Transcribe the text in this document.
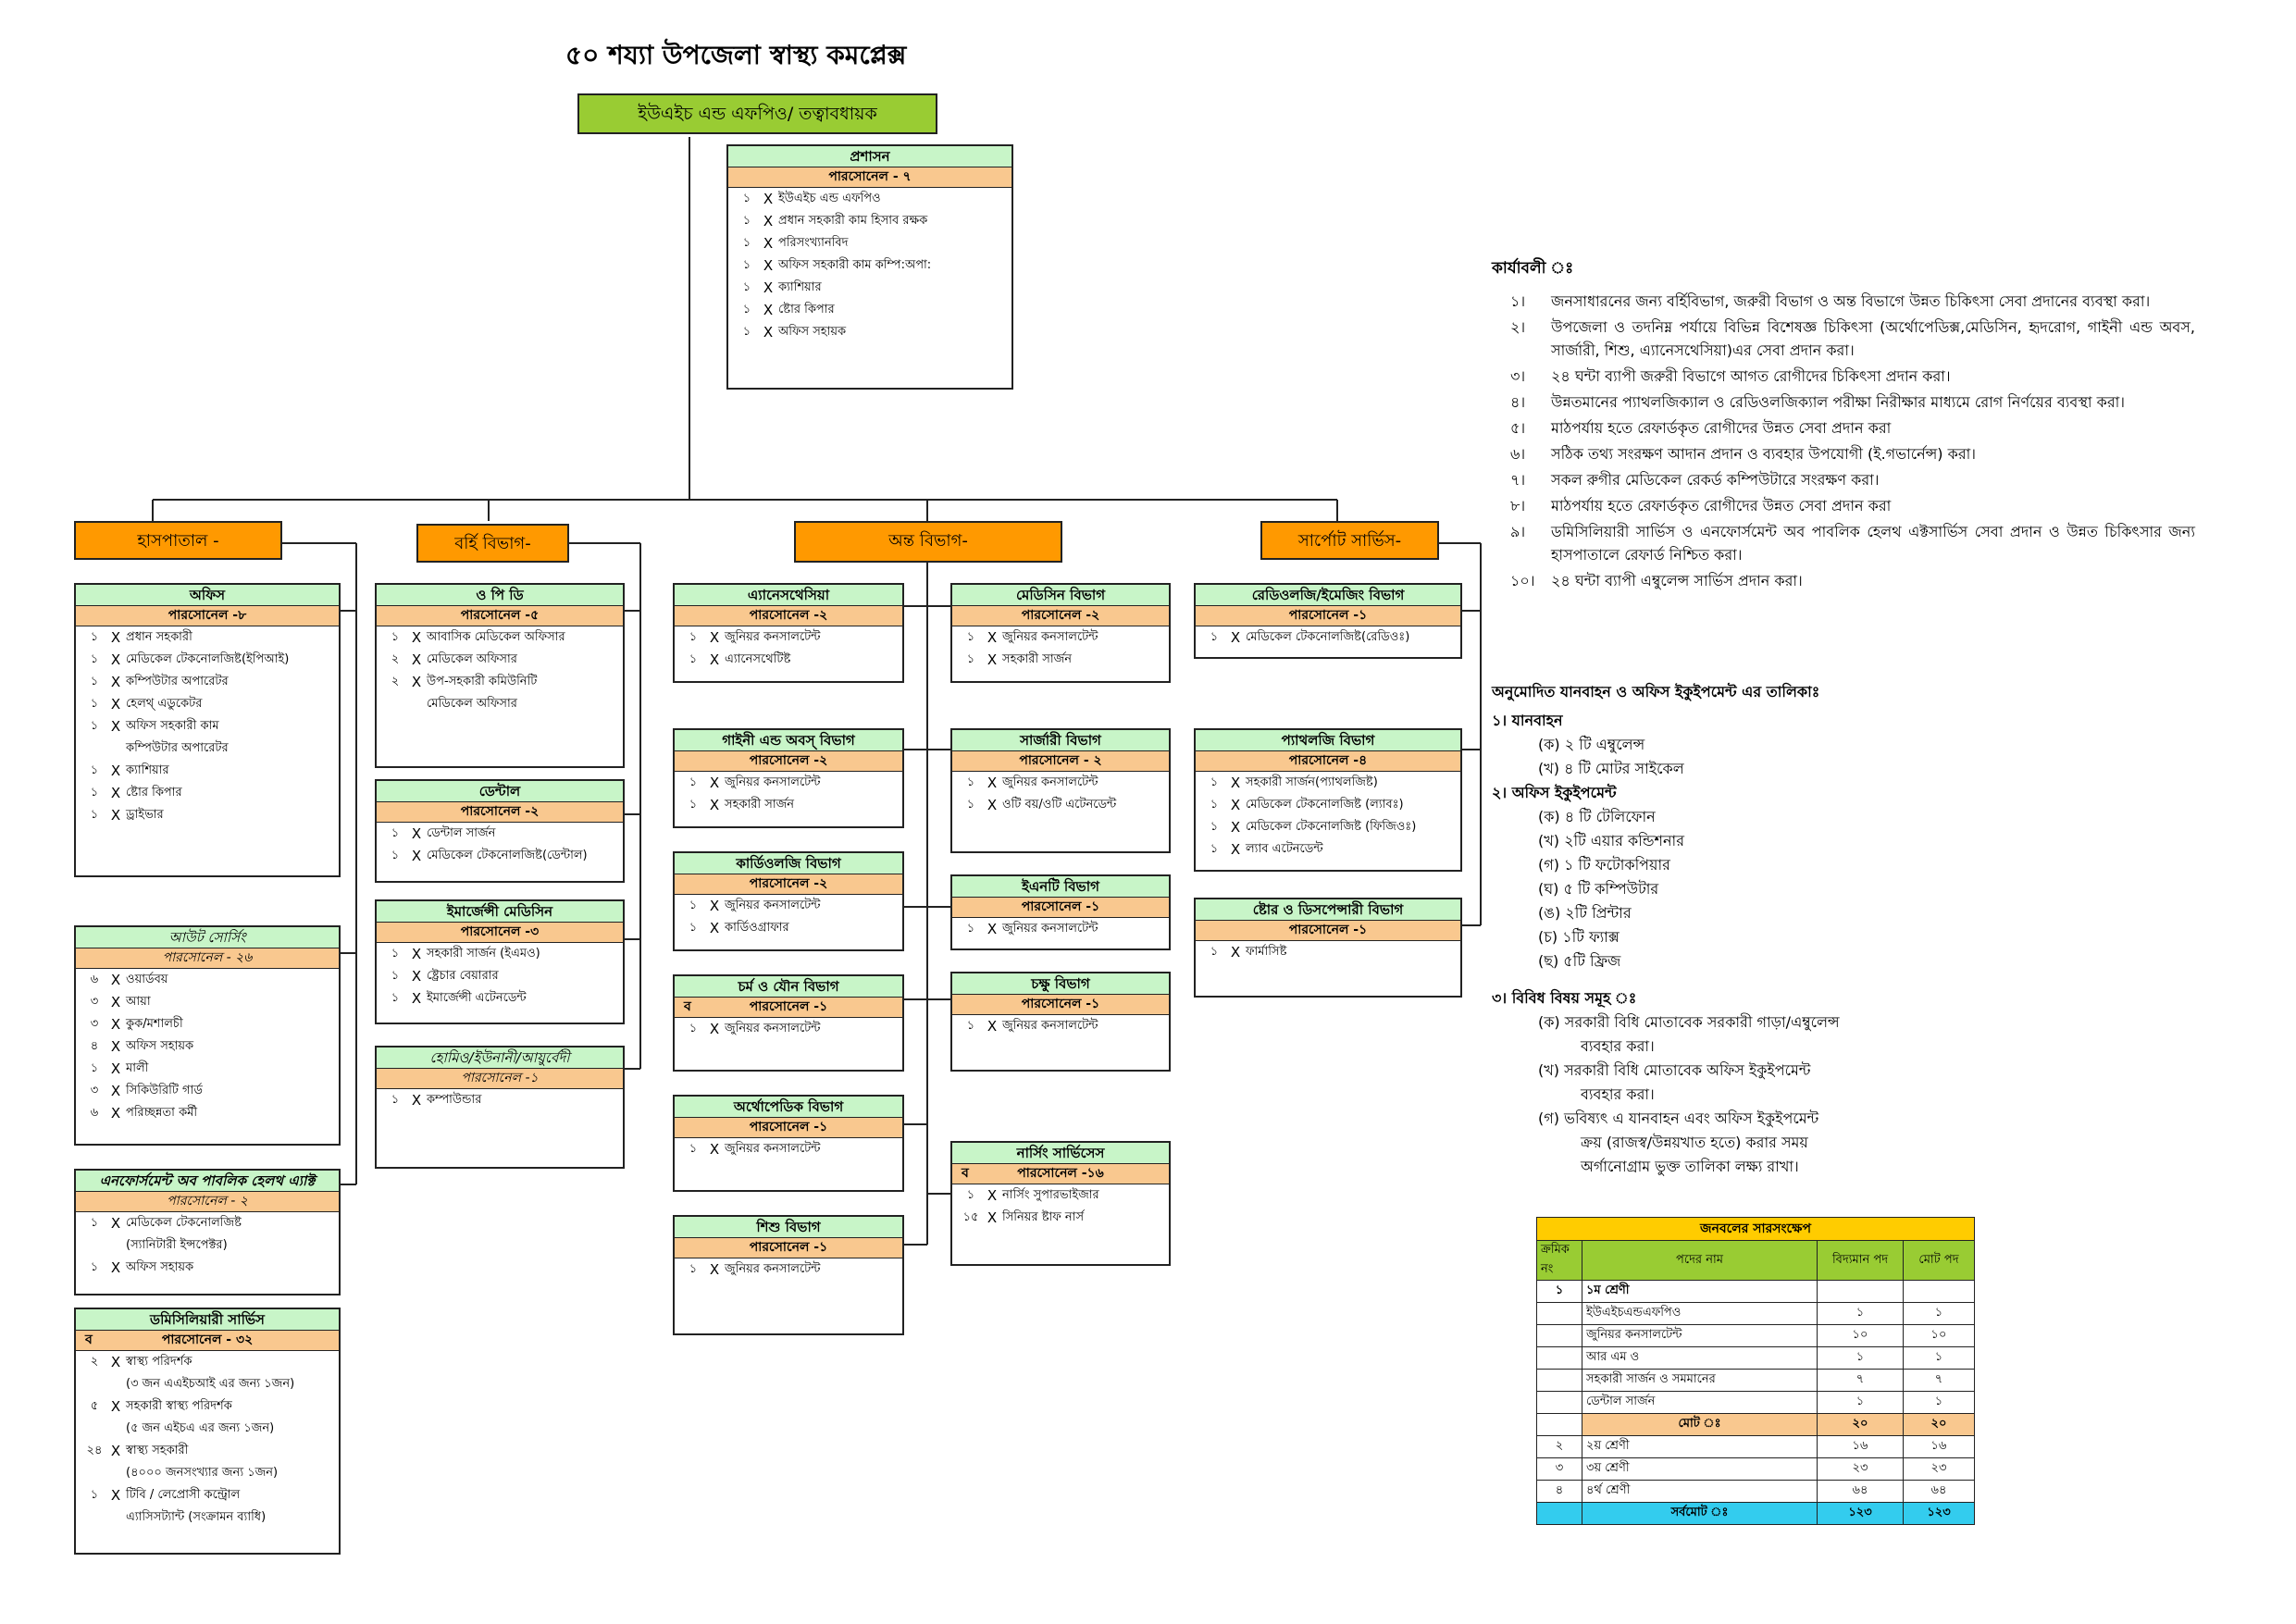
৫০ শয্যা উপজেলা স্বাস্থ্য কমপ্লেক্স
ইউএইচ এন্ড এফপিও/ তত্বাবধায়ক
প্রশাসন
পারসোনেল - ৭
১ X ইউএইচ এন্ড এফপিও
১ X প্রধান সহকারী কাম হিসাব রক্ষক
১ X পরিসংখ্যানবিদ
১ X অফিস সহকারী কাম কম্পি:অপা:
১ X ক্যাশিয়ার
১ X ষ্টোর কিপার
১ X অফিস সহায়ক
হাসপাতাল -	বর্হি বিভাগ-	অন্ত বিভাগ-	সার্পোট সার্ভিস-
অফিস
পারসোনেল -৮
১ X প্রধান সহকারী
১ X মেডিকেল টেকনোলজিষ্ট(ইপিআই)
১ X কম্পিউটার অপারেটর
১ X হেলথ্ এডুকেটর
১ X অফিস সহকারী কাম
কম্পিউটার অপারেটর
১ X ক্যাশিয়ার
১ X ষ্টোর কিপার
১ X ড্রাইভার
আউট সোর্সিং
পারসোনেল - ২৬
৬ X ওয়ার্ডবয়
৩ X আয়া
৩ X কুক/মশালচী
৪ X অফিস সহায়ক
১ X মালী
৩ X সিকিউরিটি গার্ড
৬ X পরিচ্ছন্নতা কর্মী
এনফোর্সমেন্ট অব পাবলিক হেলথ এ্যাক্ট
পারসোনেল - ২
১ X মেডিকেল টেকনোলজিষ্ট
(স্যানিটারী ইন্সপেক্টর)
১ X অফিস সহায়ক
ডমিসিলিয়ারী সার্ভিস
ব	পারসোনেল - ৩২
২ X স্বাস্থ্য পরিদর্শক
(৩ জন এএইচআই এর জন্য ১জন)
৫ X সহকারী স্বাস্থ্য পরিদর্শক
(৫ জন এইচএ এর জন্য ১জন)
২৪ X স্বাস্থ্য সহকারী
(৪০০০ জনসংখ্যার জন্য ১জন)
১ X টিবি / লেপ্রোসী কন্ট্রোল
এ্যাসিসট্যান্ট (সংক্রামন ব্যাধি)
ও পি ডি
পারসোনেল -৫
১ X আবাসিক মেডিকেল অফিসার
২ X মেডিকেল অফিসার
২ X উপ-সহকারী কমিউনিটি
মেডিকেল অফিসার
ডেন্টাল
পারসোনেল -২
১ X ডেন্টাল সার্জন
১ X মেডিকেল টেকনোলজিষ্ট(ডেন্টাল)
ইমার্জেন্সী মেডিসিন
পারসোনেল -৩
১ X সহকারী সার্জন (ইএমও)
১ X ষ্ট্রেচার বেয়ারার
১ X ইমার্জেন্সী এটেনডেন্ট
হোমিও/ইউনানী/আয়ুর্বেদী
পারসোনেল -১
১ X কম্পাউন্ডার
এ্যানেসথেসিয়া
পারসোনেল -২
১ X জুনিয়র কনসালটেন্ট
১ X এ্যানেসথেটিষ্ট
গাইনী এন্ড অবস্ বিভাগ
পারসোনেল -২
১ X জুনিয়র কনসালটেন্ট
১ X সহকারী সার্জন
কার্ডিওলজি বিভাগ
পারসোনেল -২
১ X জুনিয়র কনসালটেন্ট
১ X কার্ডিওগ্রাফার
চর্ম ও যৌন বিভাগ
ব	পারসোনেল -১
১ X জুনিয়র কনসালটেন্ট
অর্থোপেডিক বিভাগ
পারসোনেল -১
১ X জুনিয়র কনসালটেন্ট
শিশু বিভাগ
পারসোনেল -১
১ X জুনিয়র কনসালটেন্ট
মেডিসিন বিভাগ
পারসোনেল -২
১ X জুনিয়র কনসালটেন্ট
১ X সহকারী সার্জন
সার্জারী বিভাগ
পারসোনেল - ২
১ X জুনিয়র কনসালটেন্ট
১ X ওটি বয়/ওটি এটেনডেন্ট
ইএনটি বিভাগ
পারসোনেল -১
১ X জুনিয়র কনসালটেন্ট
চক্ষু বিভাগ
পারসোনেল -১
১ X জুনিয়র কনসালটেন্ট
নার্সিং সার্ভিসেস
ব	পারসোনেল -১৬
১ X নার্সিং সুপারভাইজার
১৫ X সিনিয়র ষ্টাফ নার্স
রেডিওলজি/ইমেজিং বিভাগ
পারসোনেল -১
১ X মেডিকেল টেকনোলজিষ্ট(রেডিওঃ)
প্যাথলজি বিভাগ
পারসোনেল -৪
১ X সহকারী সার্জন(প্যাথলজিষ্ট)
১ X মেডিকেল টেকনোলজিষ্ট (ল্যাবঃ)
১ X মেডিকেল টেকনোলজিষ্ট (ফিজিওঃ)
১ X ল্যাব এটেনডেন্ট
ষ্টোর ও ডিসপেন্সারী বিভাগ
পারসোনেল -১
১ X ফার্মাসিষ্ট
কার্যাবলী ঃ
১।	জনসাধারনের জন্য বর্হিবিভাগ, জরুরী বিভাগ ও অন্ত বিভাগে উন্নত চিকিৎসা সেবা প্রদানের ব্যবস্থা করা।
২।	উপজেলা ও তদনিম্ন পর্যায়ে বিভিন্ন বিশেষজ্ঞ চিকিৎসা (অর্থোপেডিক্স,মেডিসিন, হৃদরোগ, গাইনী এন্ড অবস, সার্জারী, শিশু, এ্যানেসথেসিয়া)এর সেবা প্রদান করা।
৩।	২৪ ঘন্টা ব্যাপী জরুরী বিভাগে আগত রোগীদের চিকিৎসা প্রদান করা।
৪।	উন্নতমানের প্যাথলজিক্যাল ও রেডিওলজিক্যাল পরীক্ষা নিরীক্ষার মাধ্যমে রোগ নির্ণয়ের ব্যবস্থা করা।
৫।	মাঠপর্যায় হতে রেফার্ডকৃত রোগীদের উন্নত সেবা প্রদান করা
৬।	সঠিক তথ্য সংরক্ষণ আদান প্রদান ও ব্যবহার উপযোগী (ই.গভার্নেন্স) করা।
৭।	সকল রুগীর মেডিকেল রেকর্ড কম্পিউটারে সংরক্ষণ করা।
৮।	মাঠপর্যায় হতে রেফার্ডকৃত রোগীদের উন্নত সেবা প্রদান করা
৯।	ডমিসিলিয়ারী সার্ভিস ও এনফোর্সমেন্ট অব পাবলিক হেলথ এক্টসার্ভিস সেবা প্রদান ও উন্নত চিকিৎসার জন্য হাসপাতালে রেফার্ড নিশ্চিত করা।
১০।	২৪ ঘন্টা ব্যাপী এম্বুলেন্স সার্ভিস প্রদান করা।
অনুমোদিত যানবাহন ও অফিস ইকুইপমেন্ট এর তালিকাঃ
১। যানবাহন
(ক) ২ টি এম্বুলেন্স
(খ) ৪ টি মোটর সাইকেল
২। অফিস ইকুইপমেন্ট
(ক) ৪ টি টেলিফোন
(খ) ২টি এয়ার কন্ডিশনার
(গ) ১ টি ফটোকপিয়ার
(ঘ) ৫ টি কম্পিউটার
(ঙ) ২টি প্রিন্টার
(চ) ১টি ফ্যাক্স
(ছ) ৫টি ফ্রিজ
৩। বিবিধ বিষয় সমূহ ঃ
(ক) সরকারী বিধি মোতাবেক সরকারী গাড়া/এম্বুলেন্স
ব্যবহার করা।
(খ) সরকারী বিধি মোতাবেক অফিস ইকুইপমেন্ট
ব্যবহার করা।
(গ) ভবিষ্যৎ এ যানবাহন এবং অফিস ইকুইপমেন্ট
ক্রয় (রাজস্ব/উন্নয়খাত হতে) করার সময়
অর্গানোগ্রাম ভুক্ত তালিকা লক্ষ্য রাখা।
জনবলের সারসংক্ষেপ			
ক্রমিক নং	পদের নাম	বিদ্যমান পদ	মোট পদ
১	১ম শ্রেণী		
	ইউএইচএন্ডএফপিও	১	১
	জুনিয়র কনসালটেন্ট	১০	১০
	আর এম ও	১	১
	সহকারী সার্জন ও সমমানের	৭	৭
	ডেন্টাল সার্জন	১	১
	মোট ঃ	২০	২০
২	২য় শ্রেণী	১৬	১৬
৩	৩য় শ্রেণী	২৩	২৩
৪	৪র্থ শ্রেণী	৬৪	৬৪
	সর্বমোট ঃ	১২৩	১২৩
